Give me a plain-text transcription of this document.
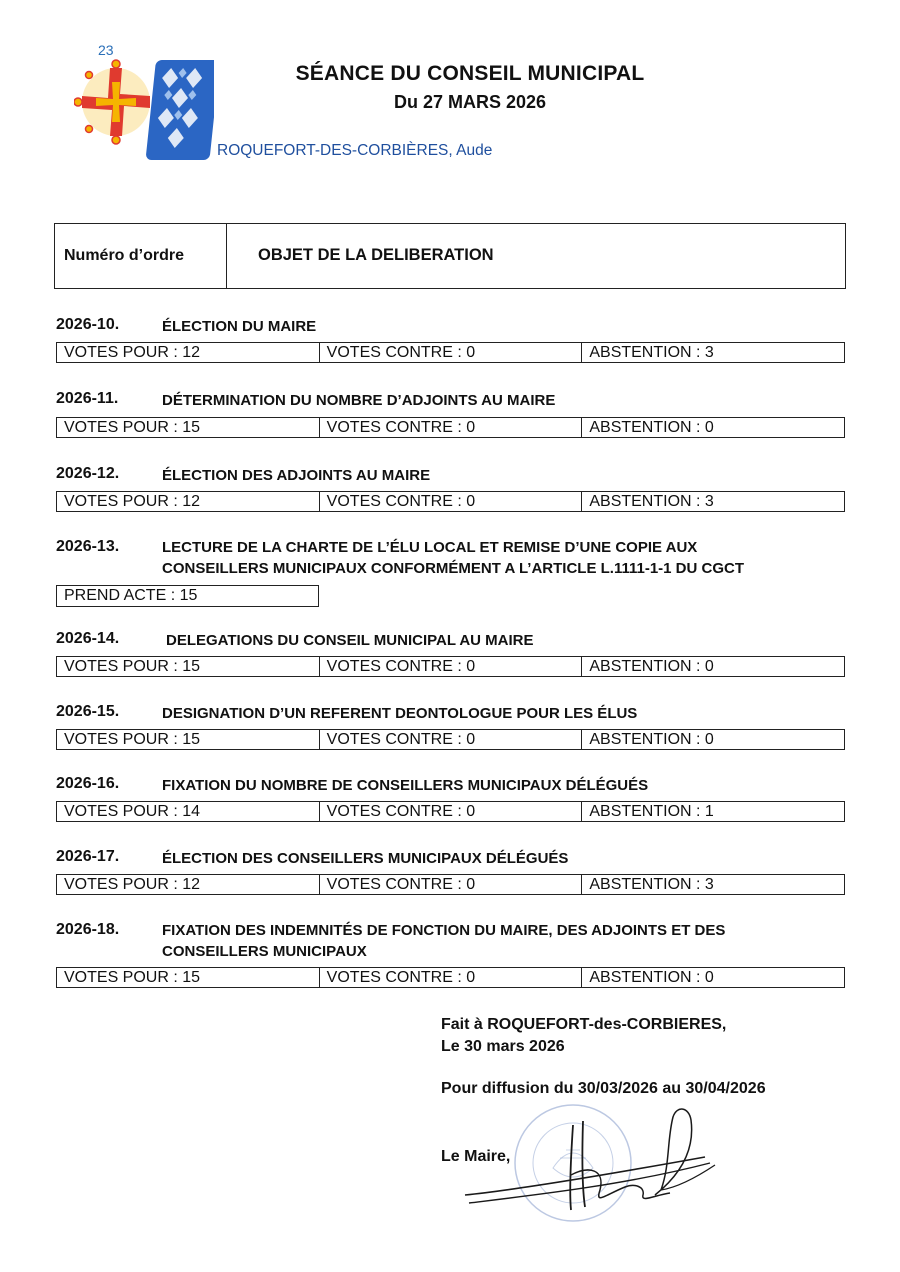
23
SÉANCE DU CONSEIL MUNICIPAL
Du 27 MARS 2026
ROQUEFORT-DES-CORBIÈRES, Aude
Numéro d’ordre	OBJET DE LA DELIBERATION
2026-10.	ÉLECTION DU MAIRE
VOTES POUR : 12	VOTES CONTRE : 0	ABSTENTION : 3
2026-11.	DÉTERMINATION DU NOMBRE D’ADJOINTS AU MAIRE
VOTES POUR : 15	VOTES CONTRE : 0	ABSTENTION : 0
2026-12.	ÉLECTION DES ADJOINTS AU MAIRE
VOTES POUR : 12	VOTES CONTRE : 0	ABSTENTION : 3
2026-13.	LECTURE DE LA CHARTE DE L’ÉLU LOCAL ET REMISE D’UNE COPIE AUX
CONSEILLERS MUNICIPAUX CONFORMÉMENT A L’ARTICLE L.1111-1-1 DU CGCT
PREND ACTE : 15
2026-14.	DELEGATIONS DU CONSEIL MUNICIPAL AU MAIRE
VOTES POUR : 15	VOTES CONTRE : 0	ABSTENTION : 0
2026-15.	DESIGNATION D’UN REFERENT DEONTOLOGUE POUR LES ÉLUS
VOTES POUR : 15	VOTES CONTRE : 0	ABSTENTION : 0
2026-16.	FIXATION DU NOMBRE DE CONSEILLERS MUNICIPAUX DÉLÉGUÉS
VOTES POUR : 14	VOTES CONTRE : 0	ABSTENTION : 1
2026-17.	ÉLECTION DES CONSEILLERS MUNICIPAUX DÉLÉGUÉS
VOTES POUR : 12	VOTES CONTRE : 0	ABSTENTION : 3
2026-18.	FIXATION DES INDEMNITÉS DE FONCTION DU MAIRE, DES ADJOINTS ET DES
CONSEILLERS MUNICIPAUX
VOTES POUR : 15	VOTES CONTRE : 0	ABSTENTION : 0
Fait à ROQUEFORT-des-CORBIERES,
Le 30 mars 2026
Pour diffusion du 30/03/2026 au 30/04/2026
Le Maire,
